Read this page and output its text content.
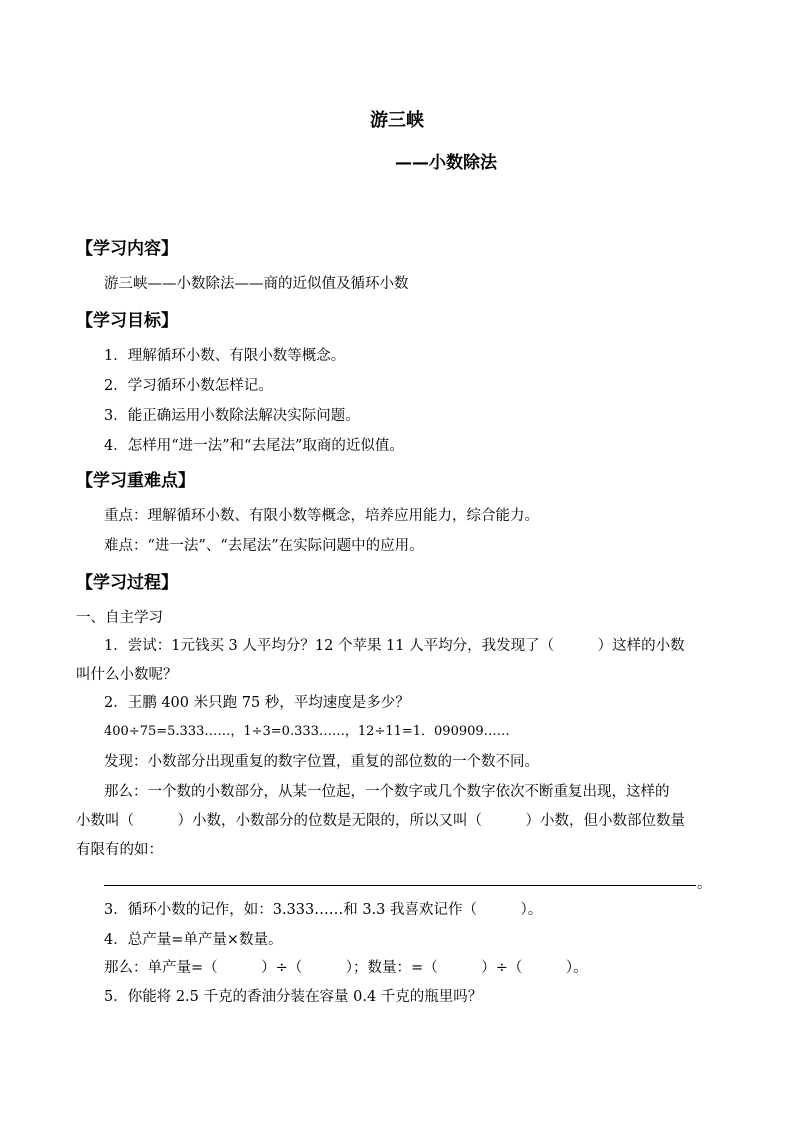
游三峡
——小数除法
【学习内容】
游三峡——小数除法——商的近似值及循环小数
【学习目标】
1．理解循环小数、有限小数等概念。
2．学习循环小数怎样记。
3．能正确运用小数除法解决实际问题。
4．怎样用“进一法”和“去尾法”取商的近似值。
【学习重难点】
重点：理解循环小数、有限小数等概念，培养应用能力，综合能力。
难点：“进一法”、“去尾法”在实际问题中的应用。
【学习过程】
一、自主学习
1．尝试：1元钱买 3 人平均分？12 个苹果 11 人平均分，我发现了（　　　）这样的小数
叫什么小数呢？
2．王鹏 400 米只跑 75 秒，平均速度是多少？
400÷75=5.333……，1÷3=0.333……，12÷11=1．090909……
发现：小数部分出现重复的数字位置，重复的部位数的一个数不同。
那么：一个数的小数部分，从某一位起，一个数字或几个数字依次不断重复出现，这样的
小数叫（　　　）小数，小数部分的位数是无限的，所以又叫（　　　）小数，但小数部位数量
有限有的如：
。
3．循环小数的记作，如：3.333……和 3.3 我喜欢记作（　　　）。
4．总产量=单产量×数量。
那么：单产量=（　　　）÷（　　　）；数量：=（　　　）÷（　　　）。
5．你能将 2.5 千克的香油分装在容量 0.4 千克的瓶里吗？
